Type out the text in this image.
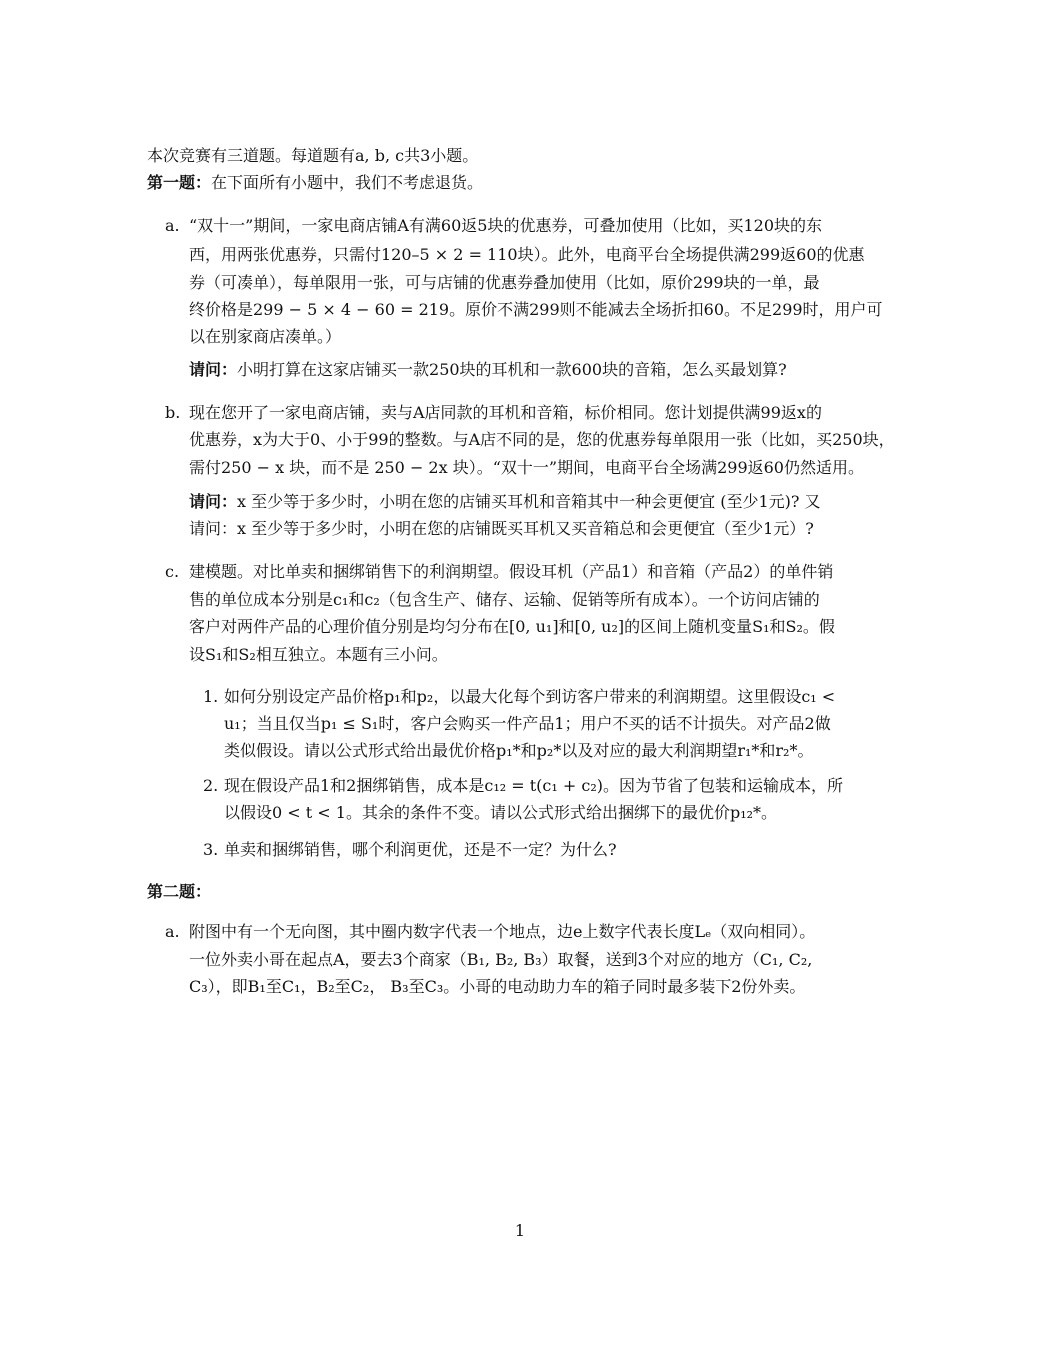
本次竞赛有三道题。每道题有a, b, c共3小题。
第一题：在下面所有小题中，我们不考虑退货。
a. “双十一”期间，一家电商店铺A有满60返5块的优惠券，可叠加使用（比如，买120块的东
西，用两张优惠券，只需付120–5 × 2 = 110块）。此外，电商平台全场提供满299返60的优惠
券（可凑单），每单限用一张，可与店铺的优惠券叠加使用（比如，原价299块的一单，最
终价格是299 − 5 × 4 − 60 = 219。原价不满299则不能减去全场折扣60。不足299时，用户可
以在别家商店凑单。）
请问：小明打算在这家店铺买一款250块的耳机和一款600块的音箱，怎么买最划算?
b. 现在您开了一家电商店铺，卖与A店同款的耳机和音箱，标价相同。您计划提供满99返x的
优惠券，x为大于0、小于99的整数。与A店不同的是，您的优惠券每单限用一张（比如，买250块，
需付250 − x 块，而不是 250 − 2x 块）。“双十一”期间，电商平台全场满299返60仍然适用。
请问：x 至少等于多少时，小明在您的店铺买耳机和音箱其中一种会更便宜 (至少1元)? 又
请问：x 至少等于多少时，小明在您的店铺既买耳机又买音箱总和会更便宜（至少1元）?
c. 建模题。对比单卖和捆绑销售下的利润期望。假设耳机（产品1）和音箱（产品2）的单件销
售的单位成本分别是c₁和c₂（包含生产、储存、运输、促销等所有成本）。一个访问店铺的
客户对两件产品的心理价值分别是均匀分布在[0, u₁]和[0, u₂]的区间上随机变量S₁和S₂。假
设S₁和S₂相互独立。本题有三小问。
1. 如何分别设定产品价格p₁和p₂，以最大化每个到访客户带来的利润期望。这里假设c₁ <
u₁；当且仅当p₁ ≤ S₁时，客户会购买一件产品1；用户不买的话不计损失。对产品2做
类似假设。请以公式形式给出最优价格p₁*和p₂*以及对应的最大利润期望r₁*和r₂*。
2. 现在假设产品1和2捆绑销售，成本是c₁₂ = t(c₁ + c₂)。因为节省了包装和运输成本，所
以假设0 < t < 1。其余的条件不变。请以公式形式给出捆绑下的最优价p₁₂*。
3. 单卖和捆绑销售，哪个利润更优，还是不一定？为什么?
第二题：
a. 附图中有一个无向图，其中圈内数字代表一个地点，边e上数字代表长度Lₑ（双向相同）。
一位外卖小哥在起点A，要去3个商家（B₁, B₂, B₃）取餐，送到3个对应的地方（C₁, C₂,
C₃），即B₁至C₁，B₂至C₂， B₃至C₃。小哥的电动助力车的箱子同时最多装下2份外卖。
1
